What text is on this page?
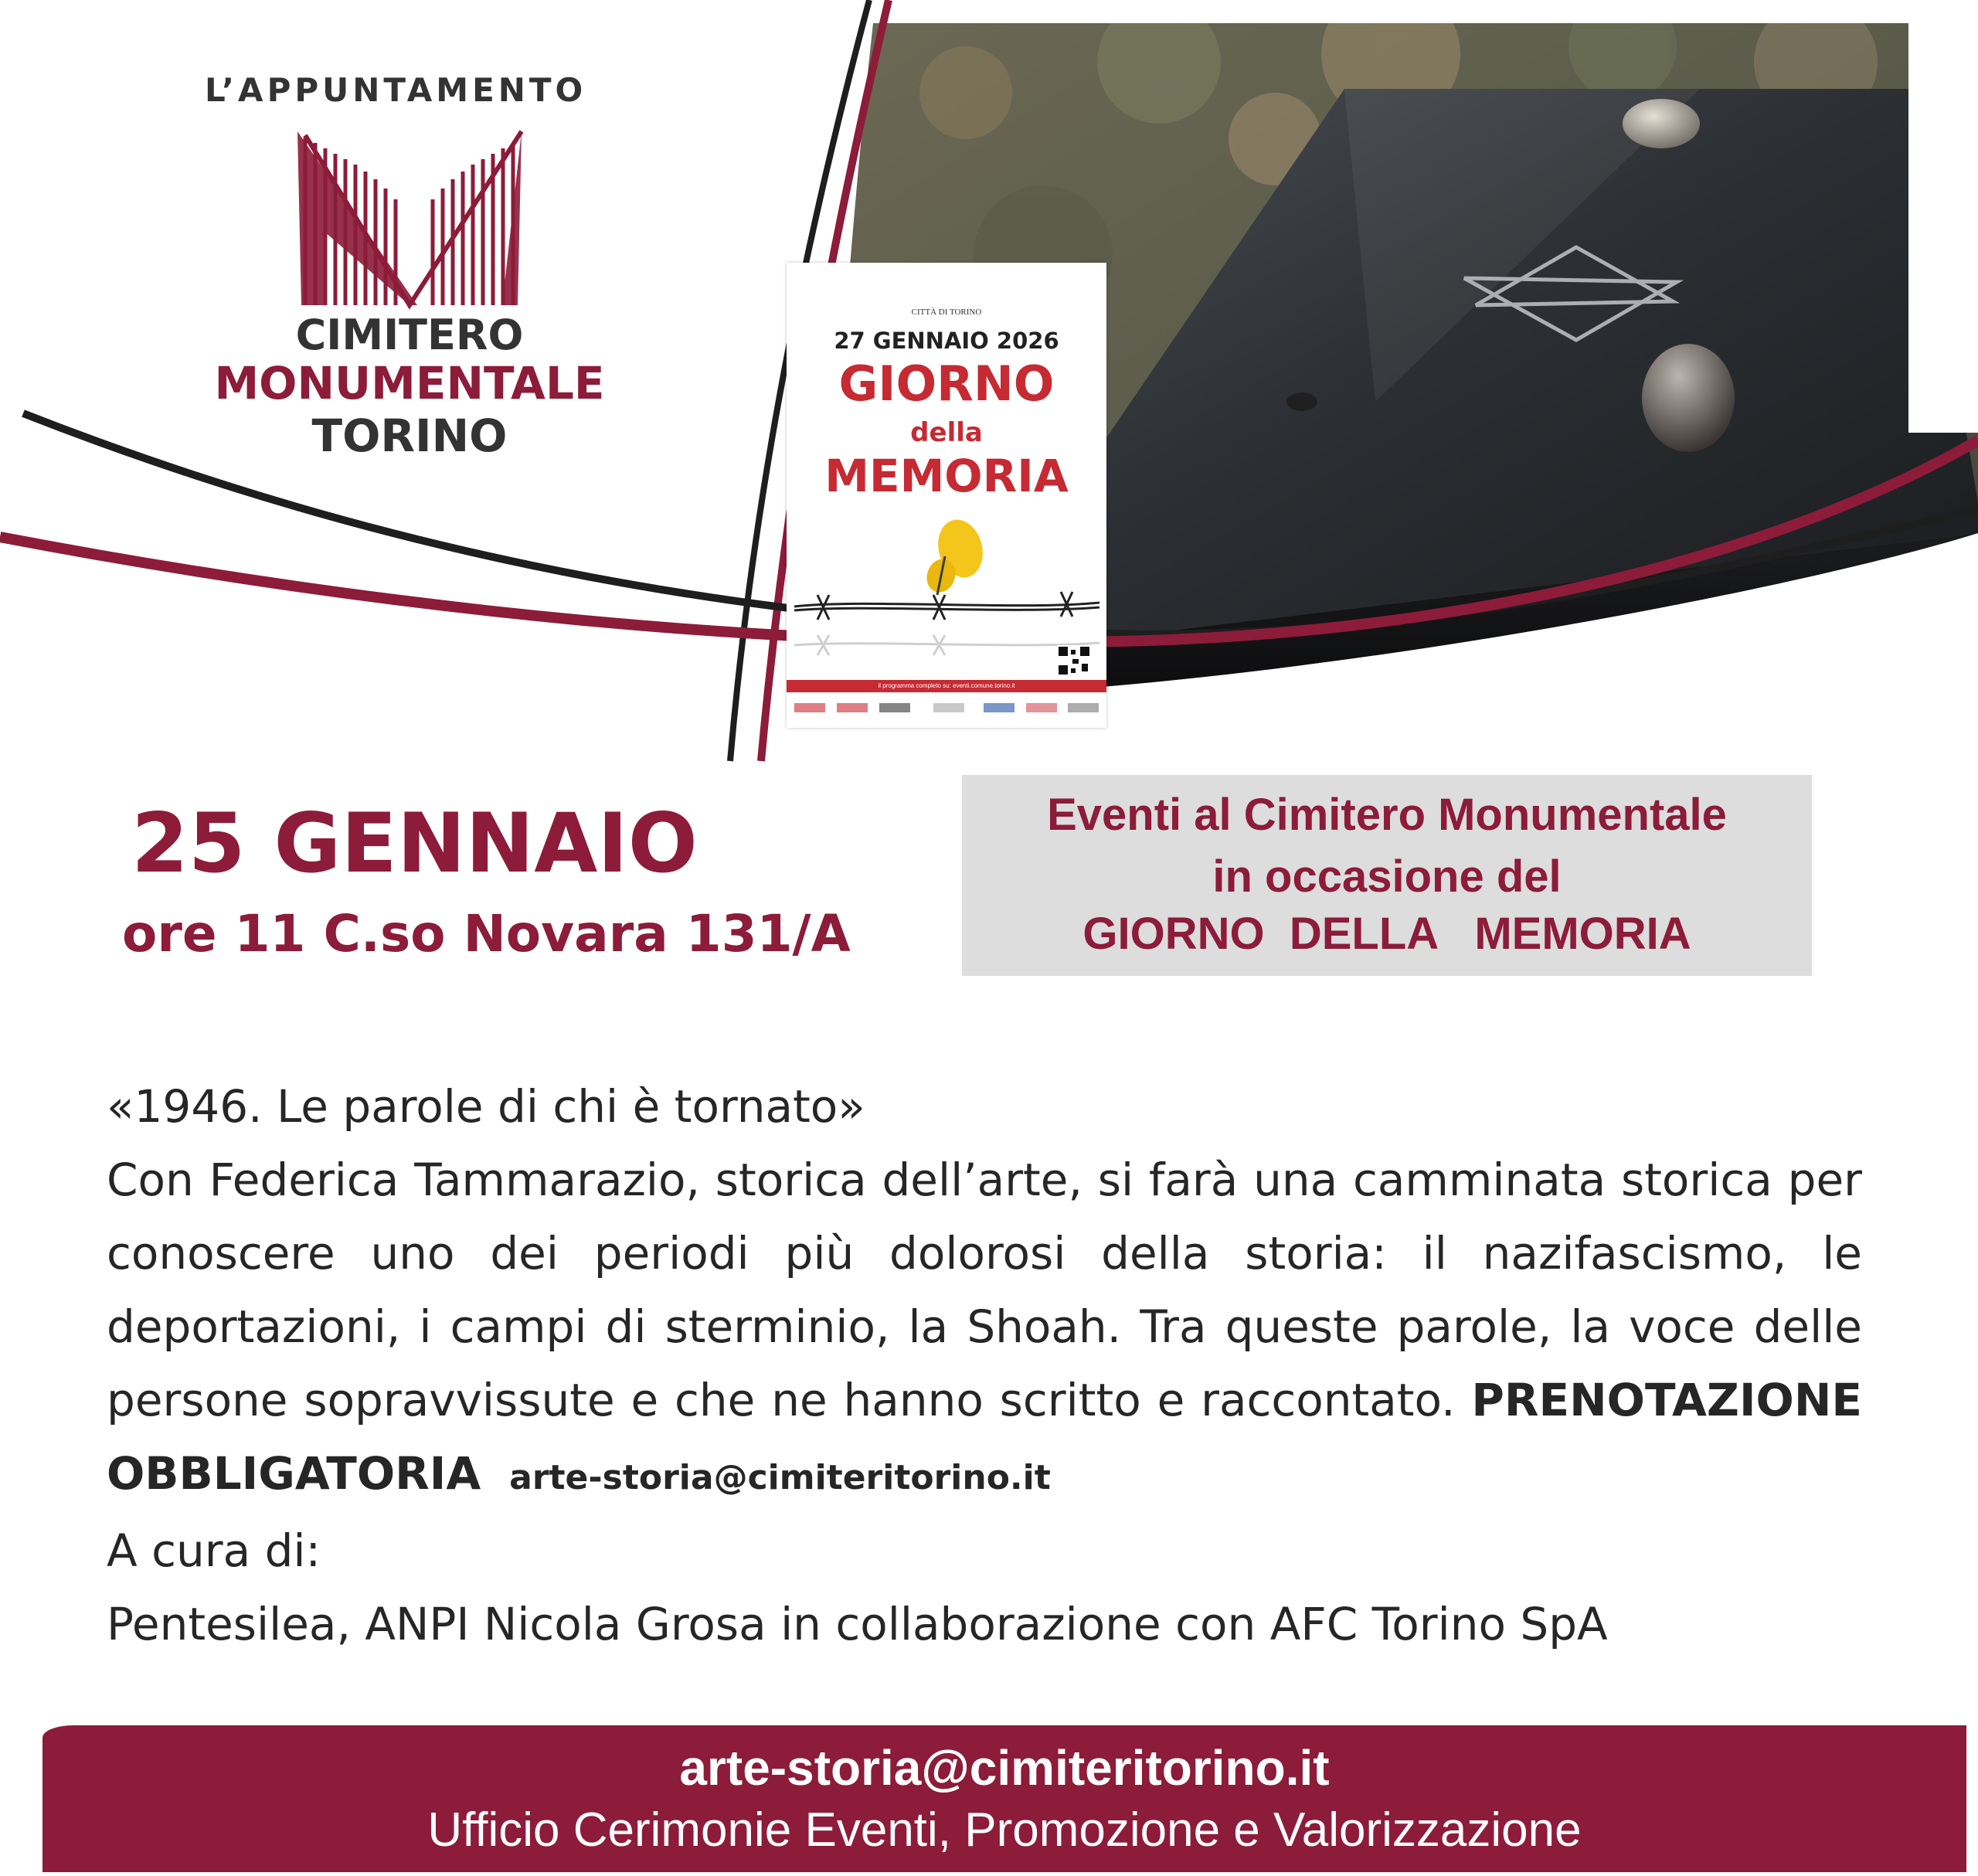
L’APPUNTAMENTO
CIMITERO
MONUMENTALE
TORINO
CITTÀ DI TORINO
27 GENNAIO 2026
GIORNO
della
MEMORIA
il programma completo su: eventi.comune.torino.it
25 GENNAIO
ore 11 C.so Novara 131/A
Eventi al Cimitero Monumentale
in occasione del
GIORNO  DELLA   MEMORIA
«1946. Le parole di chi è tornato»
Con Federica Tammarazio, storica dell’arte, si farà una camminata storica per conoscere uno dei periodi più dolorosi della storia: il nazifascismo, le deportazioni, i campi di sterminio, la Shoah. Tra queste parole, la voce delle persone sopravvissute e che ne hanno scritto e raccontato. PRENOTAZIONE OBBLIGATORIA arte-storia@cimiteritorino.it
A cura di:
Pentesilea, ANPI Nicola Grosa in collaborazione con AFC Torino SpA
arte-storia@cimiteritorino.it
Ufficio Cerimonie Eventi, Promozione e Valorizzazione
